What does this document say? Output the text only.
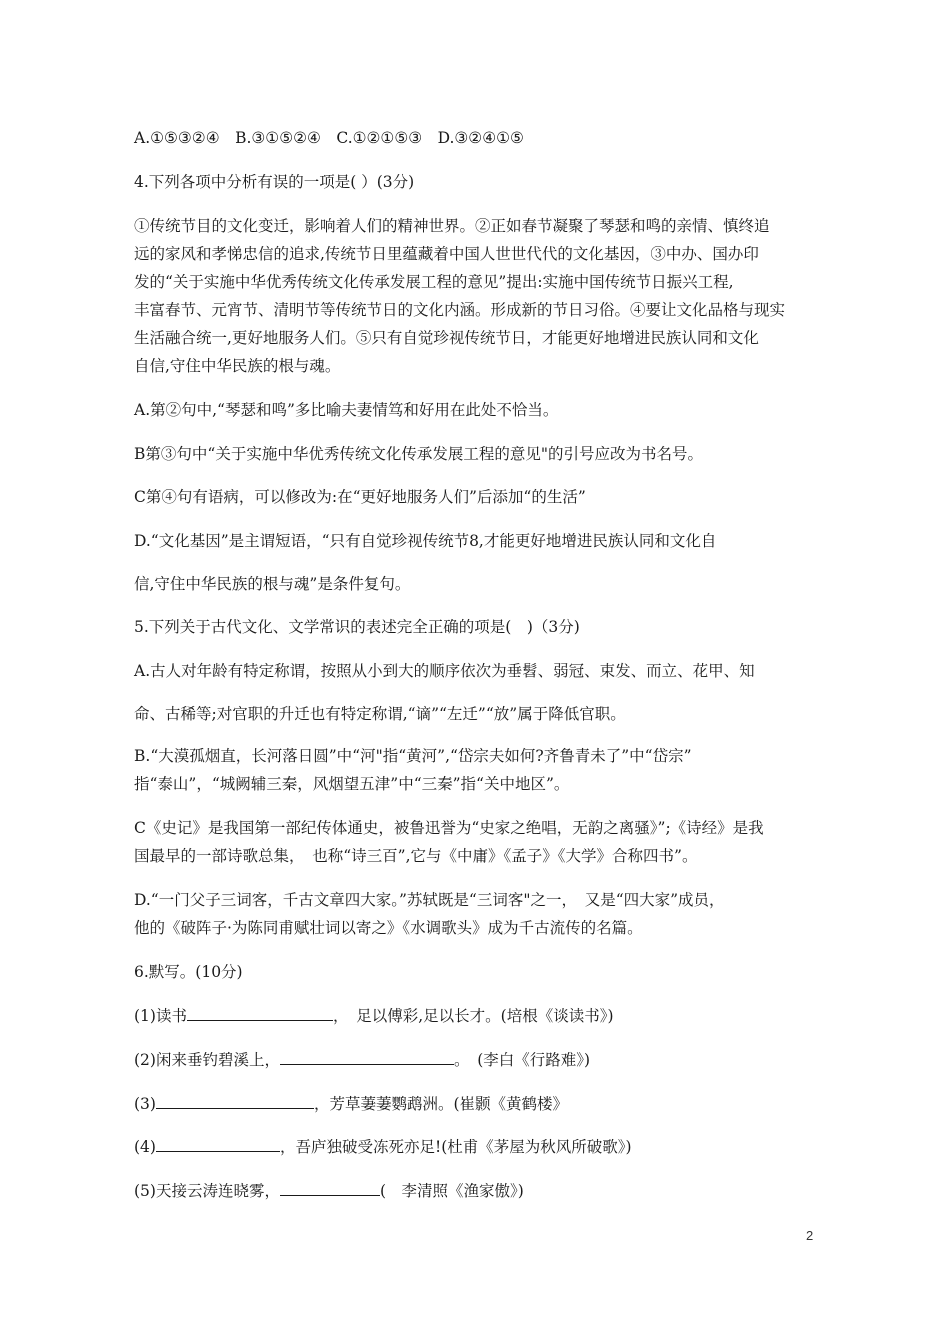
A.①⑤③②④　B.③①⑤②④　C.①②①⑤③　D.③②④①⑤
4.下列各项中分析有误的一项是( ）(3分)
①传统节目的文化变迁，影响着人们的精神世界。②正如春节凝聚了琴瑟和鸣的亲情、慎终追
远的家风和孝悌忠信的追求,传统节日里蕴藏着中国人世世代代的文化基因，③中办、国办印
发的“关于实施中华优秀传统文化传承发展工程的意见”提出:实施中国传统节日振兴工程,
丰富春节、元宵节、清明节等传统节日的文化内涵。形成新的节日习俗。④要让文化品格与现实
生活融合统一,更好地服务人们。⑤只有自觉珍视传统节日，才能更好地增进民族认同和文化
自信,守住中华民族的根与魂。
A.第②句中,“琴瑟和鸣”多比喻夫妻情笃和好用在此处不恰当。
B第③句中“关于实施中华优秀传统文化传承发展工程的意见"的引号应改为书名号。
C第④句有语病，可以修改为:在“更好地服务人们”后添加“的生活”
D.“文化基因”是主谓短语，“只有自觉珍视传统节8,才能更好地增进民族认同和文化自
信,守住中华民族的根与魂”是条件复句。
5.下列关于古代文化、文学常识的表述完全正确的项是(　)（3分)
A.古人对年龄有特定称谓，按照从小到大的顺序依次为垂髫、弱冠、束发、而立、花甲、知
命、古稀等;对官职的升迁也有特定称谓,“谪”“左迁”“放”属于降低官职。
B.“大漠孤烟直，长河落日圆”中“河"指“黄河”,“岱宗夫如何?齐鲁青未了”中“岱宗”
指“泰山”，“城阙辅三秦，风烟望五津”中“三秦”指“关中地区”。
C《史记》是我国第一部纪传体通史，被鲁迅誉为“史家之绝唱，无韵之离骚》”;《诗经》是我
国最早的一部诗歌总集，　也称“诗三百”,它与《中庸》《孟子》《大学》合称四书”。
D.“一门父子三词客，千古文章四大家。”苏轼既是“三词客"之一，　又是“四大家”成员，
他的《破阵子·为陈同甫赋壮词以寄之》《水调歌头》成为千古流传的名篇。
6.默写。(10分)
(1)读书	，　足以傅彩,足以长才。(培根《谈读书》)
(2)闲来垂钓碧溪上，	。　(李白《行路难》)
(3)	，芳草萋萋鹦鹉洲。(崔颢《黄鹤楼》
(4)	，吾庐独破受冻死亦足!(杜甫《茅屋为秋风所破歌》)
(5)天接云涛连晓雾，	(　李清照《渔家傲》)
2
